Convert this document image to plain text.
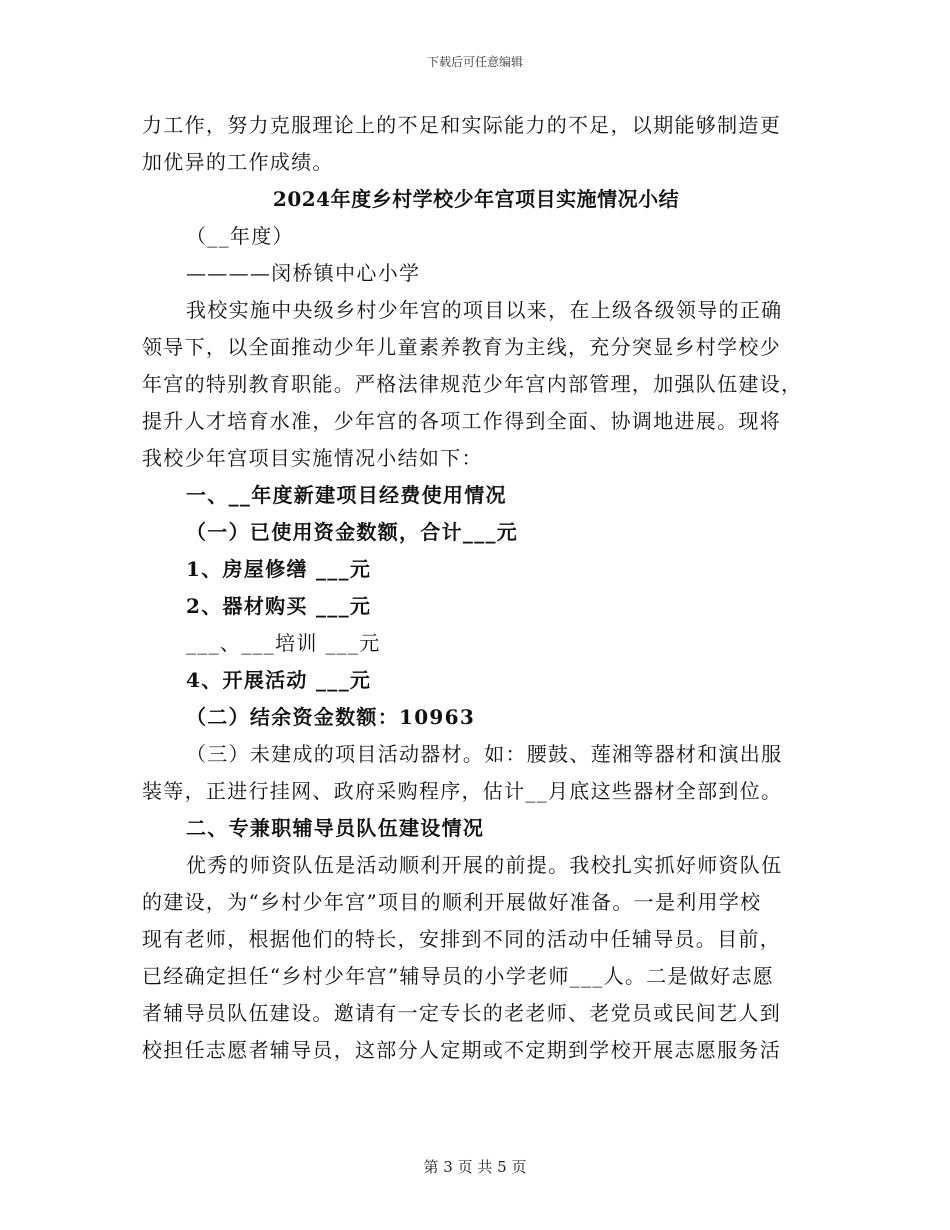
下载后可任意编辑
力工作，努力克服理论上的不足和实际能力的不足，以期能够制造更
加优异的工作成绩。
2024年度乡村学校少年宫项目实施情况小结
（__年度）
————闵桥镇中心小学
我校实施中央级乡村少年宫的项目以来，在上级各级领导的正确
领导下，以全面推动少年儿童素养教育为主线，充分突显乡村学校少
年宫的特别教育职能。严格法律规范少年宫内部管理，加强队伍建设，
提升人才培育水准，少年宫的各项工作得到全面、协调地进展。现将
我校少年宫项目实施情况小结如下：
一、__年度新建项目经费使用情况
（一）已使用资金数额，合计___元
1、房屋修缮 ___元
2、器材购买 ___元
___、___培训 ___元
4、开展活动 ___元
（二）结余资金数额：10963
（三）未建成的项目活动器材。如：腰鼓、莲湘等器材和演出服
装等，正进行挂网、政府采购程序，估计__月底这些器材全部到位。
二、专兼职辅导员队伍建设情况
优秀的师资队伍是活动顺利开展的前提。我校扎实抓好师资队伍
的建设，为“乡村少年宫”项目的顺利开展做好准备。一是利用学校
现有老师，根据他们的特长，安排到不同的活动中任辅导员。目前，
已经确定担任“乡村少年宫”辅导员的小学老师___人。二是做好志愿
者辅导员队伍建设。邀请有一定专长的老老师、老党员或民间艺人到
校担任志愿者辅导员，这部分人定期或不定期到学校开展志愿服务活
第 3 页 共 5 页
